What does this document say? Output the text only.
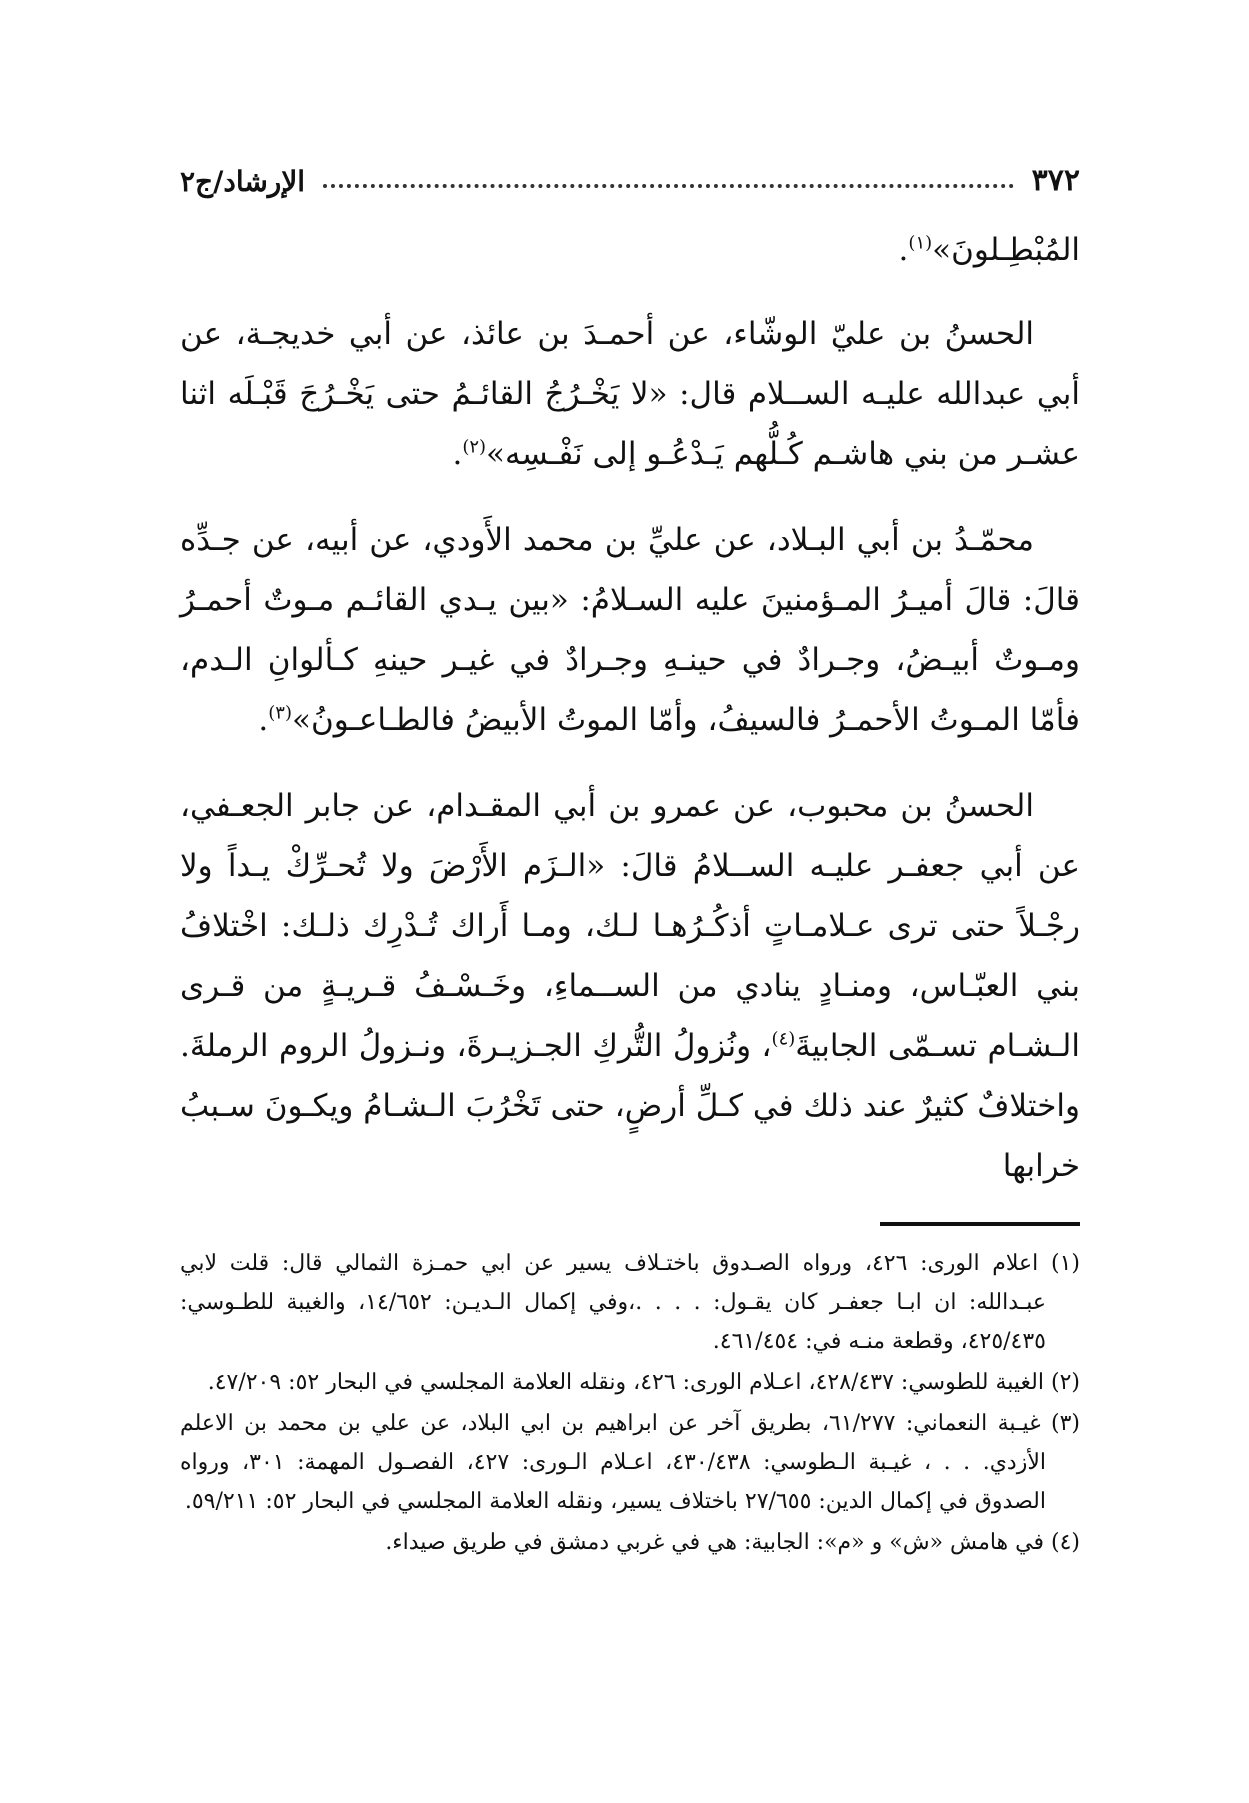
٣٧٢
الإرشاد/ج٢

المُبْطِـلونَ»$^{(١)}$.

الحسنُ بن عليّ الوشّاء، عن أحمـدَ بن عائذ، عن أبي خديجـة، عن أبي عبدالله عليـه الســلام قال: «لا يَخْـرُجُ القائـمُ حتى يَخْـرُجَ قَبْـلَه اثنا عشـر من بني هاشـم كُـلُّهم يَـدْعُـو إلى نَفْـسِه»$^{(٢)}$.

محمّـدُ بن أبي البـلاد، عن عليِّ بن محمد الأَودي، عن أبيه، عن جـدِّه قالَ: قالَ أميـرُ المـؤمنينَ عليه السـلامُ: «بين يـدي القائـم مـوتٌ أحمـرُ ومـوتٌ أبيـضُ، وجـرادٌ في حينـهِ وجـرادٌ في غيـر حينهِ كـألوانِ الـدم، فأمّا المـوتُ الأحمـرُ فالسيفُ، وأمّا الموتُ الأبيضُ فالطـاعـونُ»$^{(٣)}$.

الحسنُ بن محبوب، عن عمرو بن أبي المقـدام، عن جابر الجعـفي، عن أبي جعفـر عليـه الســلامُ قالَ: «الـزَم الأَرْضَ ولا تُحـرِّكْ يـداً ولا رجْـلاً حتى ترى عـلامـاتٍ أذكُـرُهـا لـك، ومـا أَراك تُـدْرِك ذلـك: اخْتلافُ بني العبّـاس، ومنـادٍ ينادي من الســماءِ، وخَـسْـفُ قـريـةٍ من قـرى الـشـام تسـمّى الجابيةَ$^{(٤)}$، ونُزولُ التُّركِ الجـزيـرةَ، ونـزولُ الروم الرملةَ. واختلافٌ كثيرٌ عند ذلك في كـلِّ أرضٍ، حتى تَخْرُبَ الـشـامُ ويكـونَ سـببُ خرابها

(١) اعلام الورى: ٤٢٦، ورواه الصـدوق باختـلاف يسير عن ابي حمـزة الثمالي قال: قلت لابي عبـدالله: ان ابـا جعفـر كان يقـول: . . . .،وفي إكمال الـديـن: ١٤/٦٥٢، والغيبة للطـوسي: ٤٢٥/٤٣٥، وقطعة منـه في: ٤٦١/٤٥٤.

(٢) الغيبة للطوسي: ٤٢٨/٤٣٧، اعـلام الورى: ٤٢٦، ونقله العلامة المجلسي في البحار ٥٢: ٤٧/٢٠٩.

(٣) غيـبة النعماني: ٦١/٢٧٧، بطريق آخر عن ابراهيم بن ابي البلاد، عن علي بن محمد بن الاعلم الأزدي. . . ، غيـبة الـطوسي: ٤٣٠/٤٣٨، اعـلام الـورى: ٤٢٧، الفصـول المهمة: ٣٠١، ورواه الصدوق في إكمال الدين: ٢٧/٦٥٥ باختلاف يسير، ونقله العلامة المجلسي في البحار ٥٢: ٥٩/٢١١.

(٤) في هامش «ش» و «م»: الجابية: هي في غربي دمشق في طريق صيداء.
